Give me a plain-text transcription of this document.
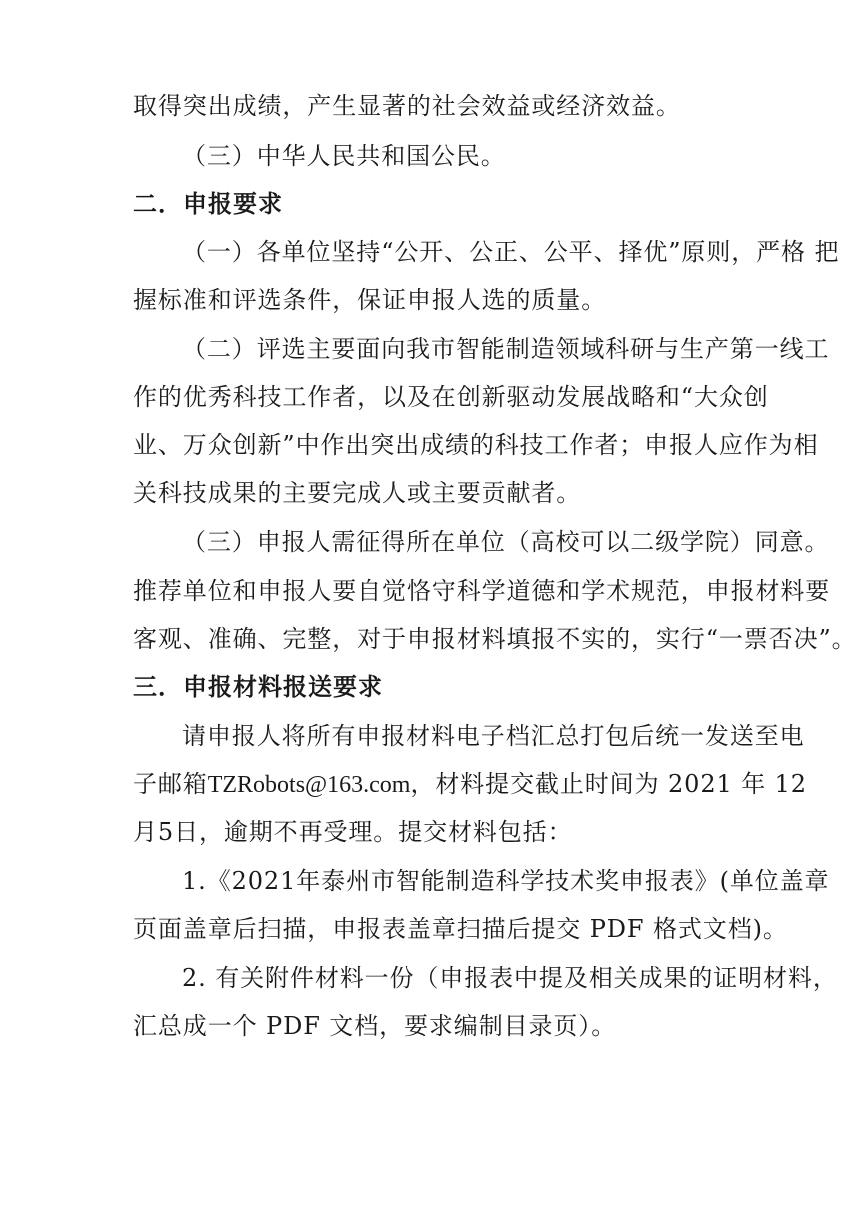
取得突出成绩，产生显著的社会效益或经济效益。
（三）中华人民共和国公民。
二．申报要求
（一）各单位坚持“公开、公正、公平、择优”原则，严格 把
握标准和评选条件，保证申报人选的质量。
（二）评选主要面向我市智能制造领域科研与生产第一线工
作的优秀科技工作者，以及在创新驱动发展战略和“大众创
业、万众创新”中作出突出成绩的科技工作者；申报人应作为相
关科技成果的主要完成人或主要贡献者。
（三）申报人需征得所在单位（高校可以二级学院）同意。
推荐单位和申报人要自觉恪守科学道德和学术规范，申报材料要
客观、准确、完整，对于申报材料填报不实的，实行“一票否决”。
三．申报材料报送要求
请申报人将所有申报材料电子档汇总打包后统一发送至电
子邮箱TZRobots@163.com，材料提交截止时间为 2021 年 12
月5日，逾期不再受理。提交材料包括：
1.《2021年泰州市智能制造科学技术奖申报表》(单位盖章
页面盖章后扫描，申报表盖章扫描后提交 PDF 格式文档)。
2. 有关附件材料一份（申报表中提及相关成果的证明材料，
汇总成一个 PDF 文档，要求编制目录页）。
